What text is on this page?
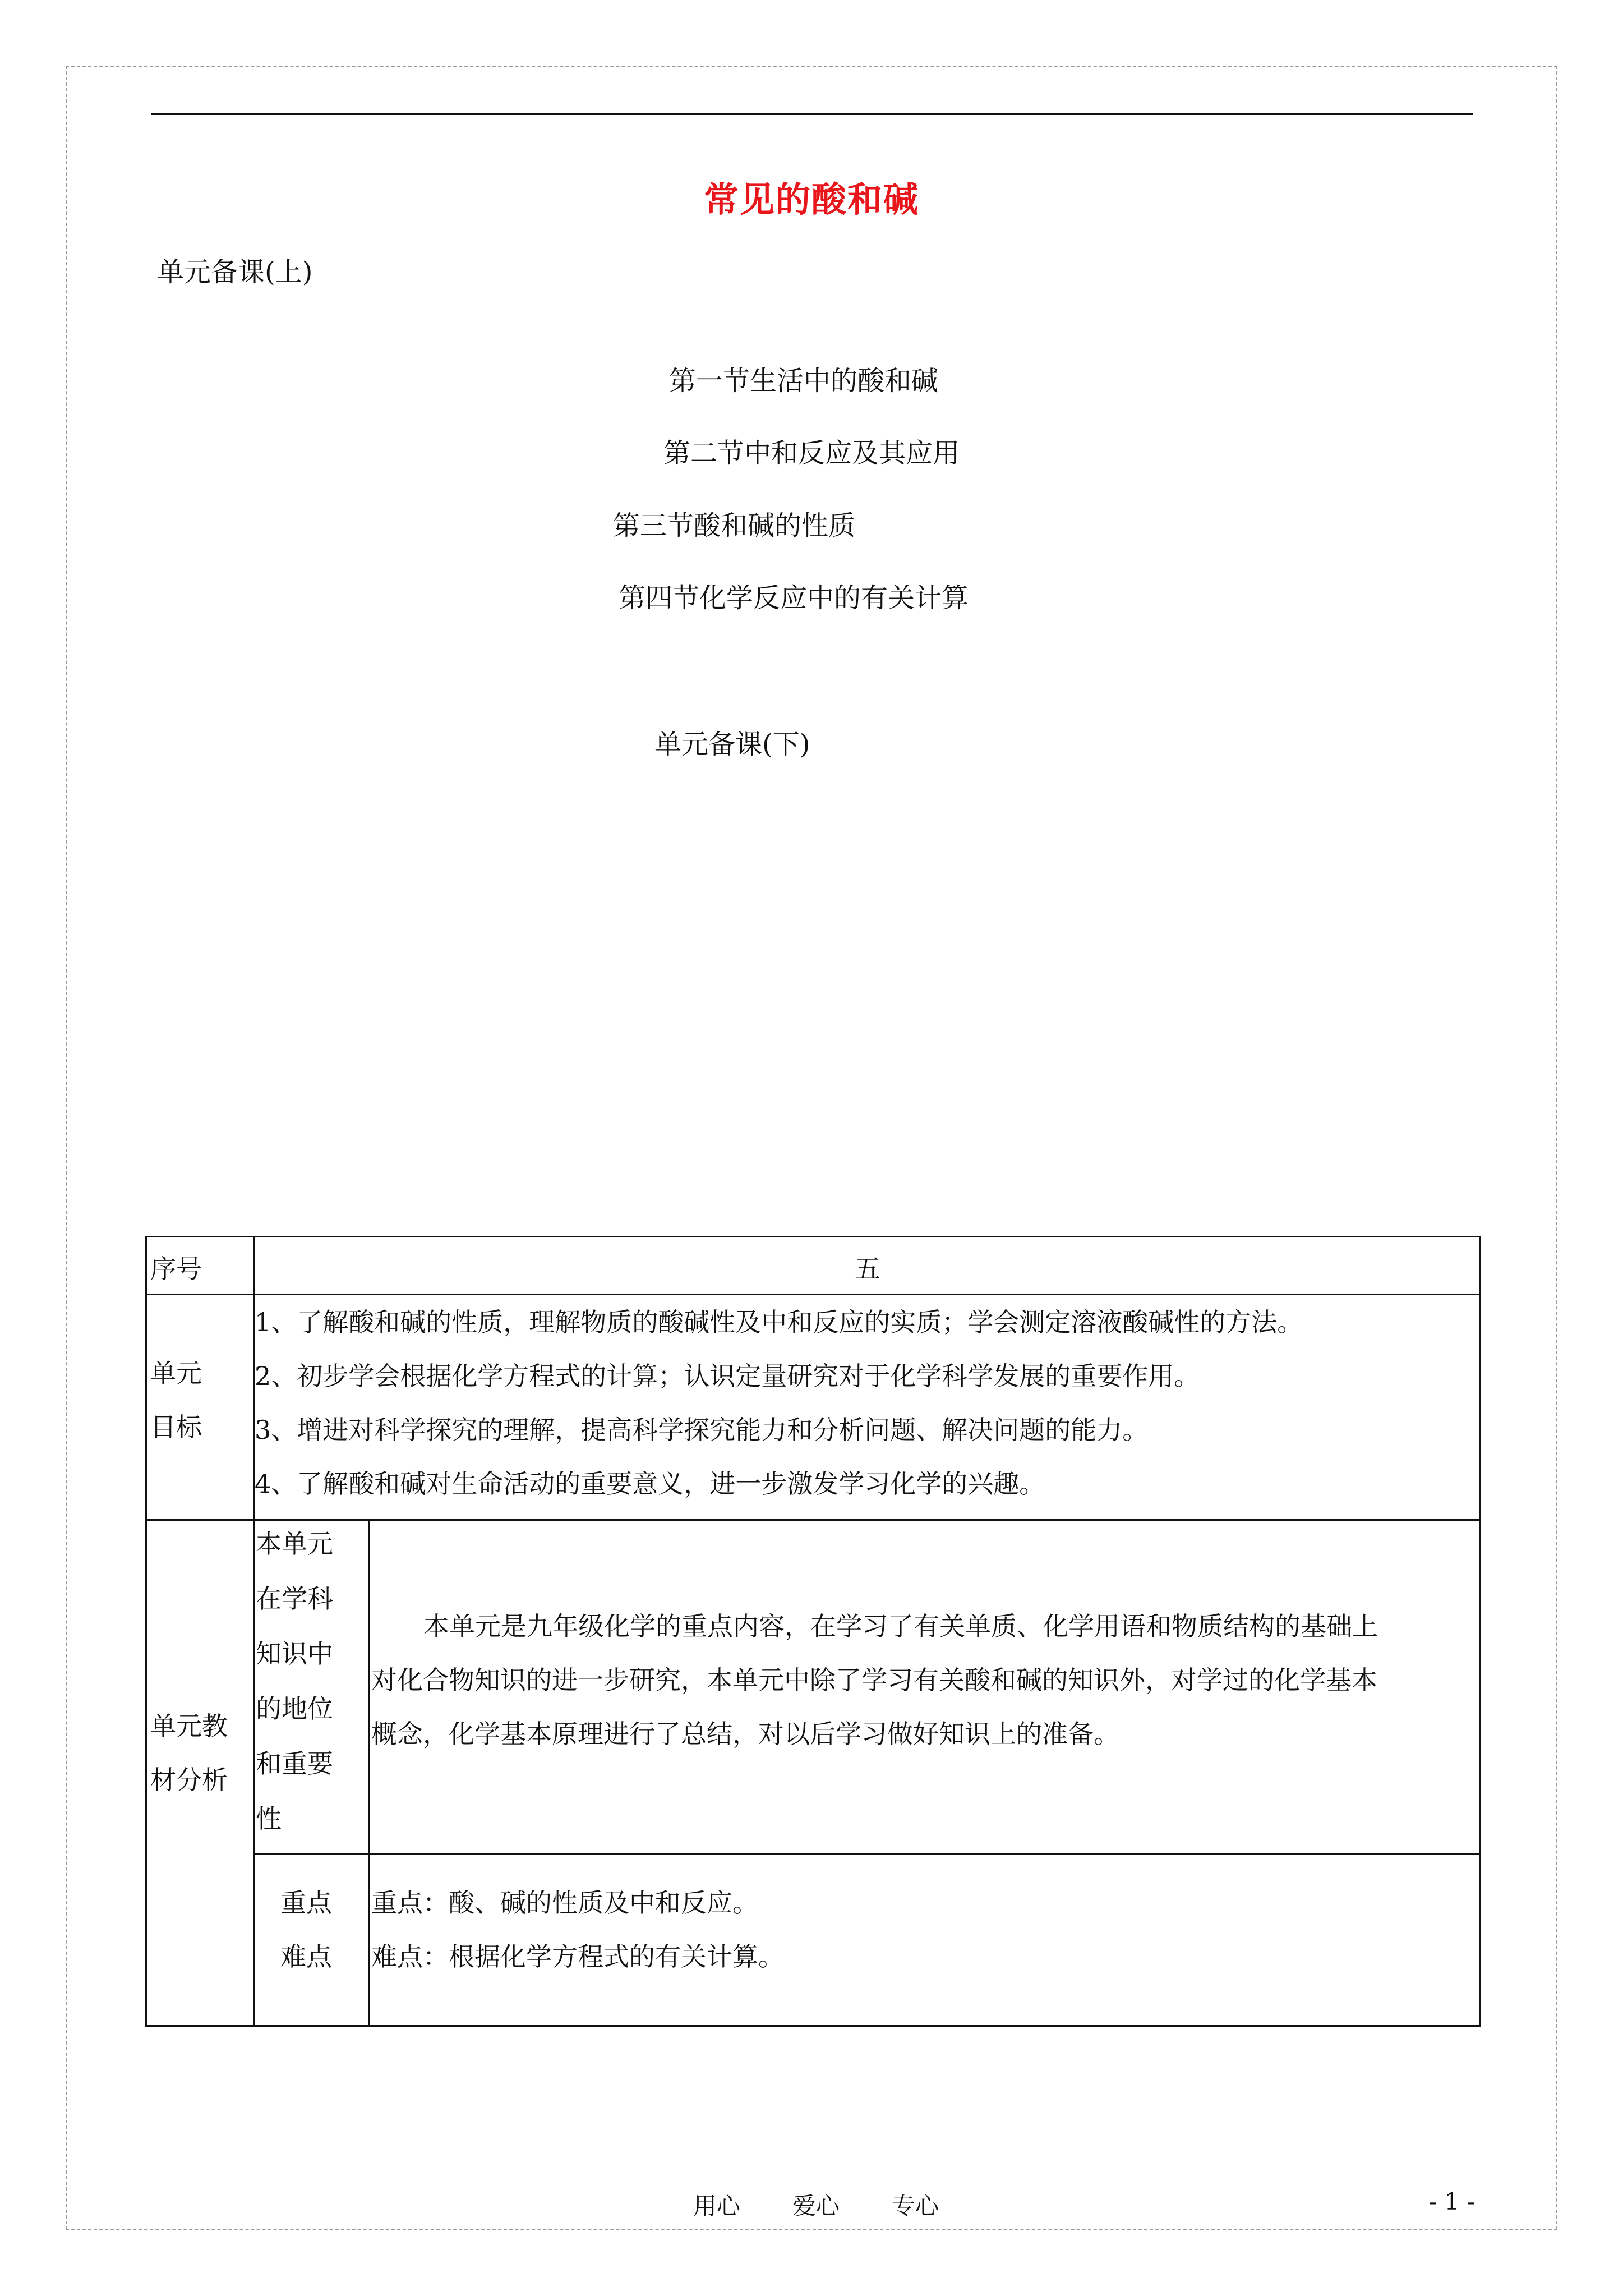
常见的酸和碱
单元备课(上)
第一节生活中的酸和碱
第二节中和反应及其应用
第三节酸和碱的性质
第四节化学反应中的有关计算
单元备课(下)
序号	五
单元
目标
1、了解酸和碱的性质，理解物质的酸碱性及中和反应的实质；学会测定溶液酸碱性的方法。
2、初步学会根据化学方程式的计算；认识定量研究对于化学科学发展的重要作用。
3、增进对科学探究的理解，提高科学探究能力和分析问题、解决问题的能力。
4、了解酸和碱对生命活动的重要意义，进一步激发学习化学的兴趣。
单元教
材分析
本单元
在学科
知识中
的地位
和重要
性
本单元是九年级化学的重点内容，在学习了有关单质、化学用语和物质结构的基础上
对化合物知识的进一步研究，本单元中除了学习有关酸和碱的知识外，对学过的化学基本
概念，化学基本原理进行了总结，对以后学习做好知识上的准备。
重点
难点
重点：酸、碱的性质及中和反应。
难点：根据化学方程式的有关计算。
用心 爱心 专心	- 1 -
